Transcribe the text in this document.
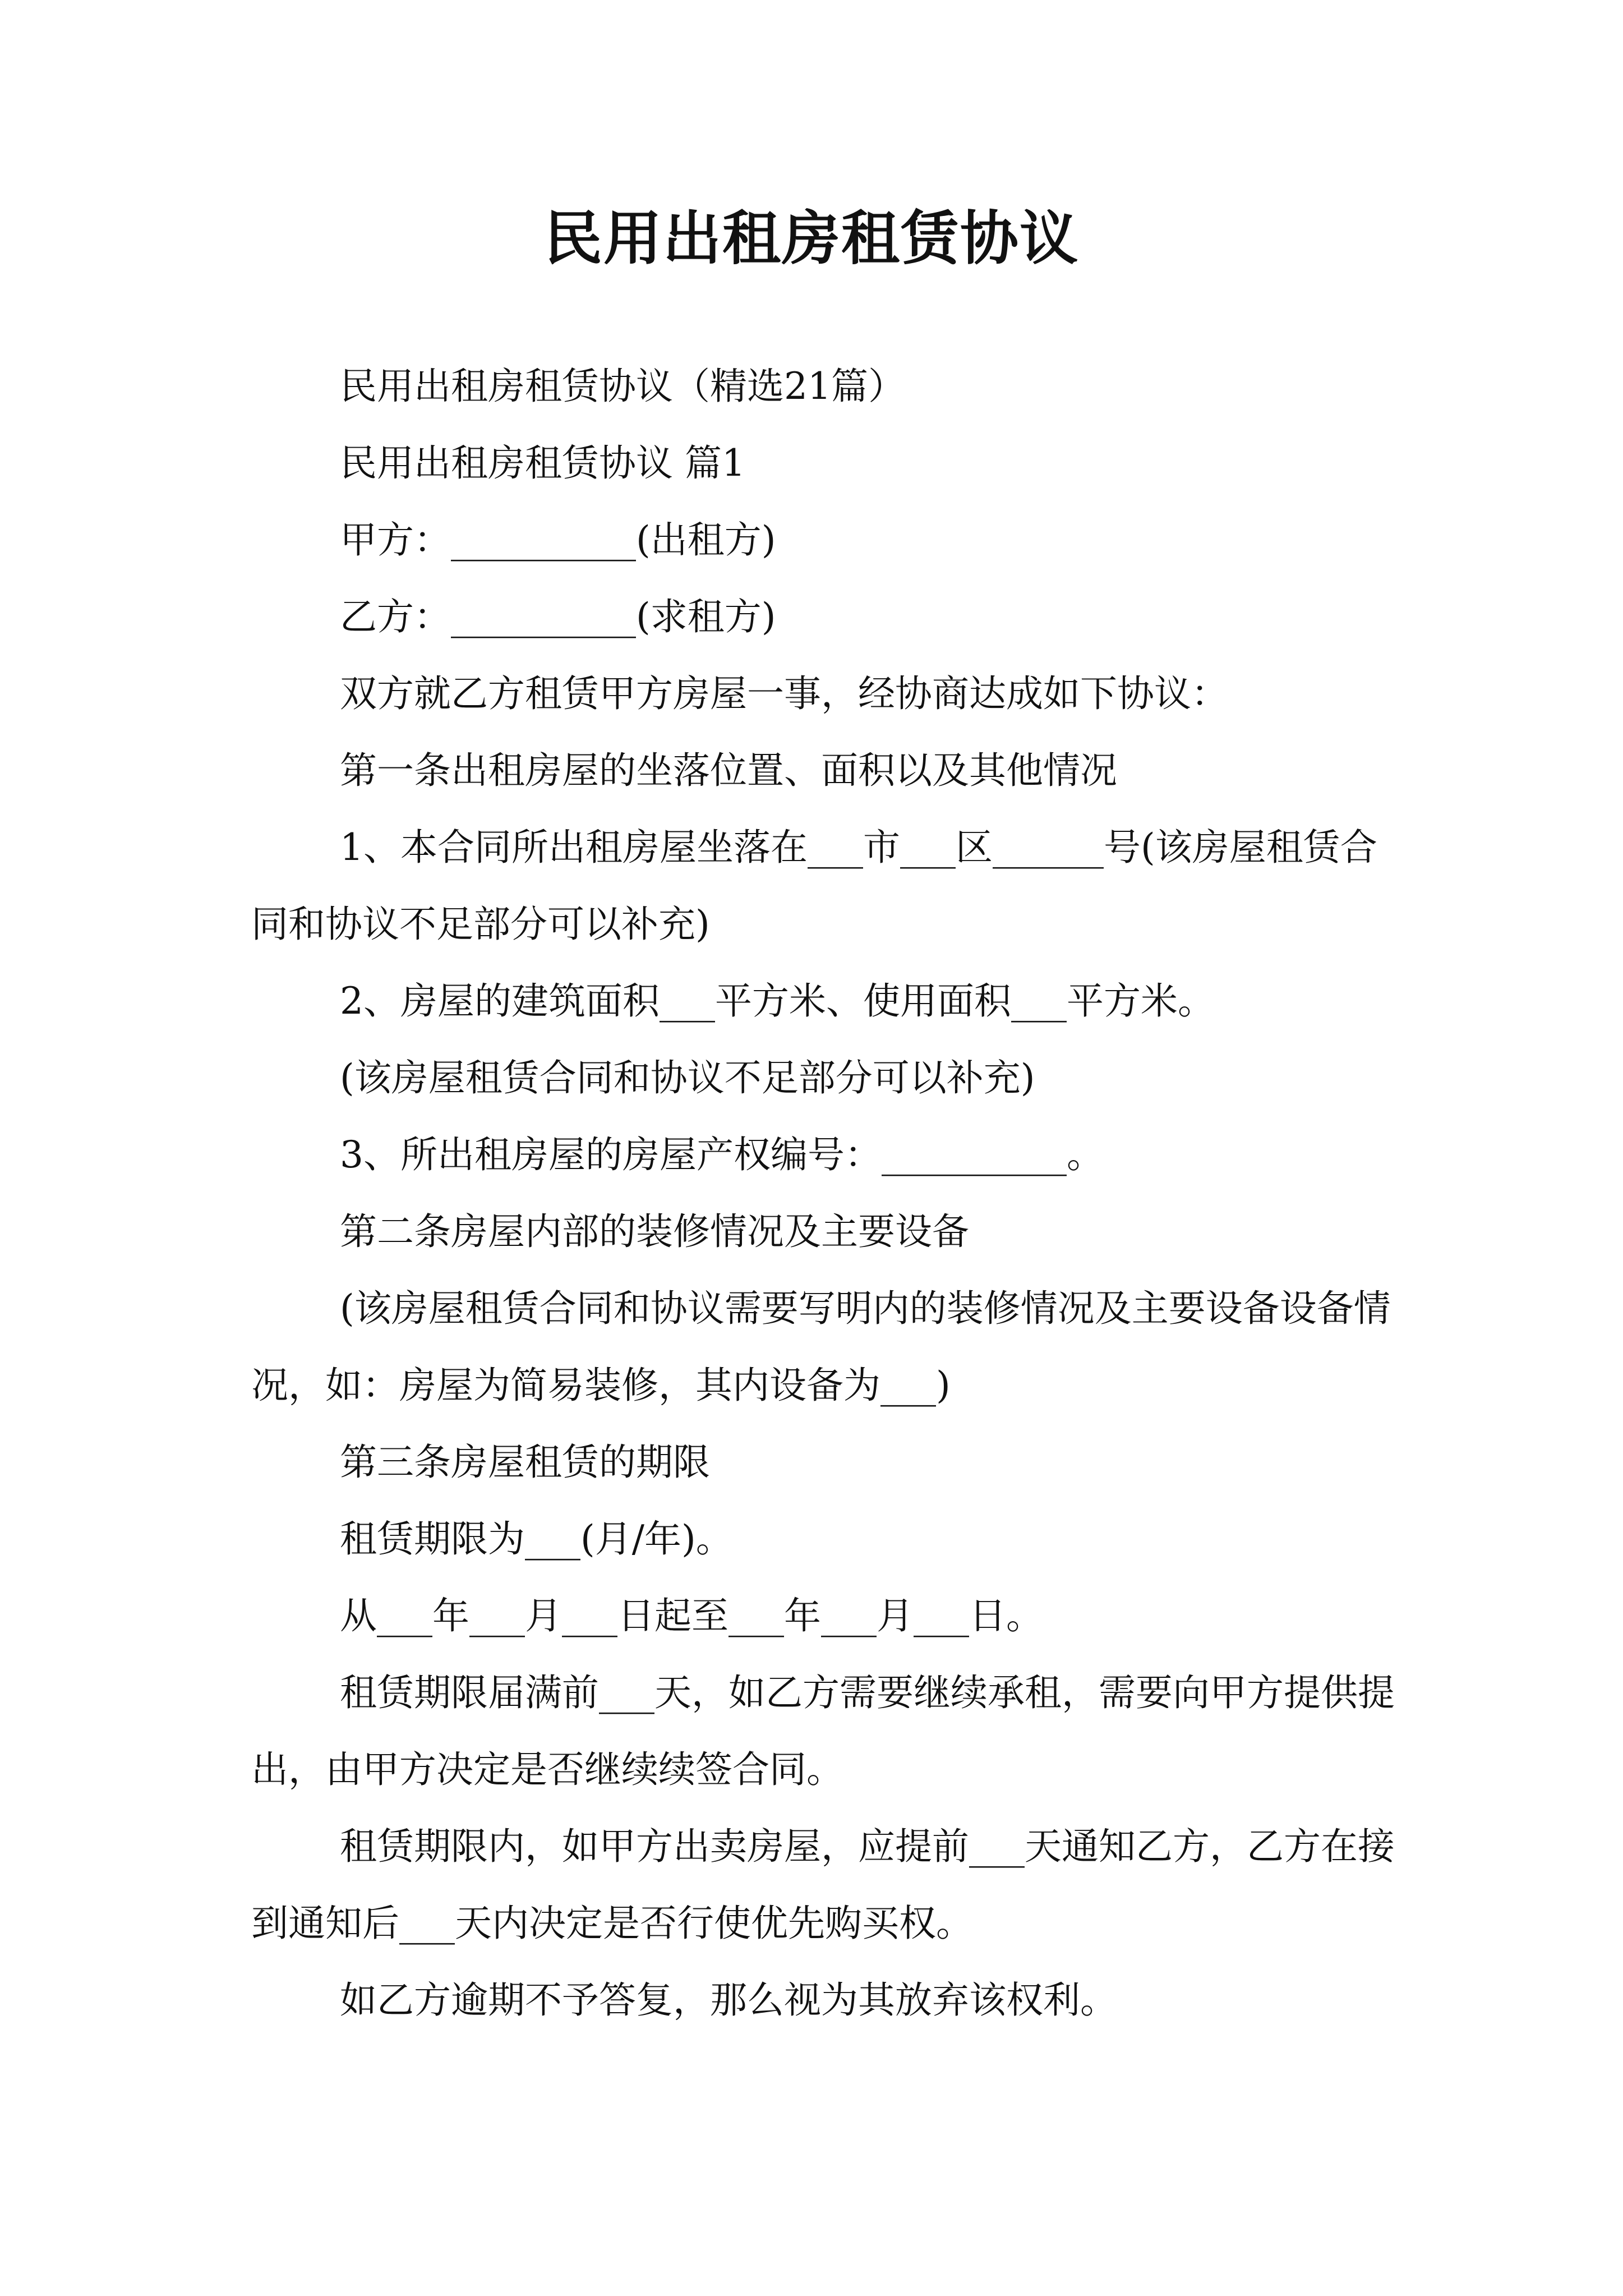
民用出租房租赁协议

民用出租房租赁协议（精选21篇）

民用出租房租赁协议 篇1

甲方：__________(出租方)

乙方：__________(求租方)

双方就乙方租赁甲方房屋一事，经协商达成如下协议：

第一条出租房屋的坐落位置、面积以及其他情况

1、本合同所出租房屋坐落在___市___区______号(该房屋租赁合同和协议不足部分可以补充)

2、房屋的建筑面积___平方米、使用面积___平方米。

(该房屋租赁合同和协议不足部分可以补充)

3、所出租房屋的房屋产权编号：__________。

第二条房屋内部的装修情况及主要设备

(该房屋租赁合同和协议需要写明内的装修情况及主要设备设备情况，如：房屋为简易装修，其内设备为___)

第三条房屋租赁的期限

租赁期限为___(月/年)。

从___年___月___日起至___年___月___日。

租赁期限届满前___天，如乙方需要继续承租，需要向甲方提供提出，由甲方决定是否继续续签合同。

租赁期限内，如甲方出卖房屋，应提前___天通知乙方，乙方在接到通知后___天内决定是否行使优先购买权。

如乙方逾期不予答复，那么视为其放弃该权利。
